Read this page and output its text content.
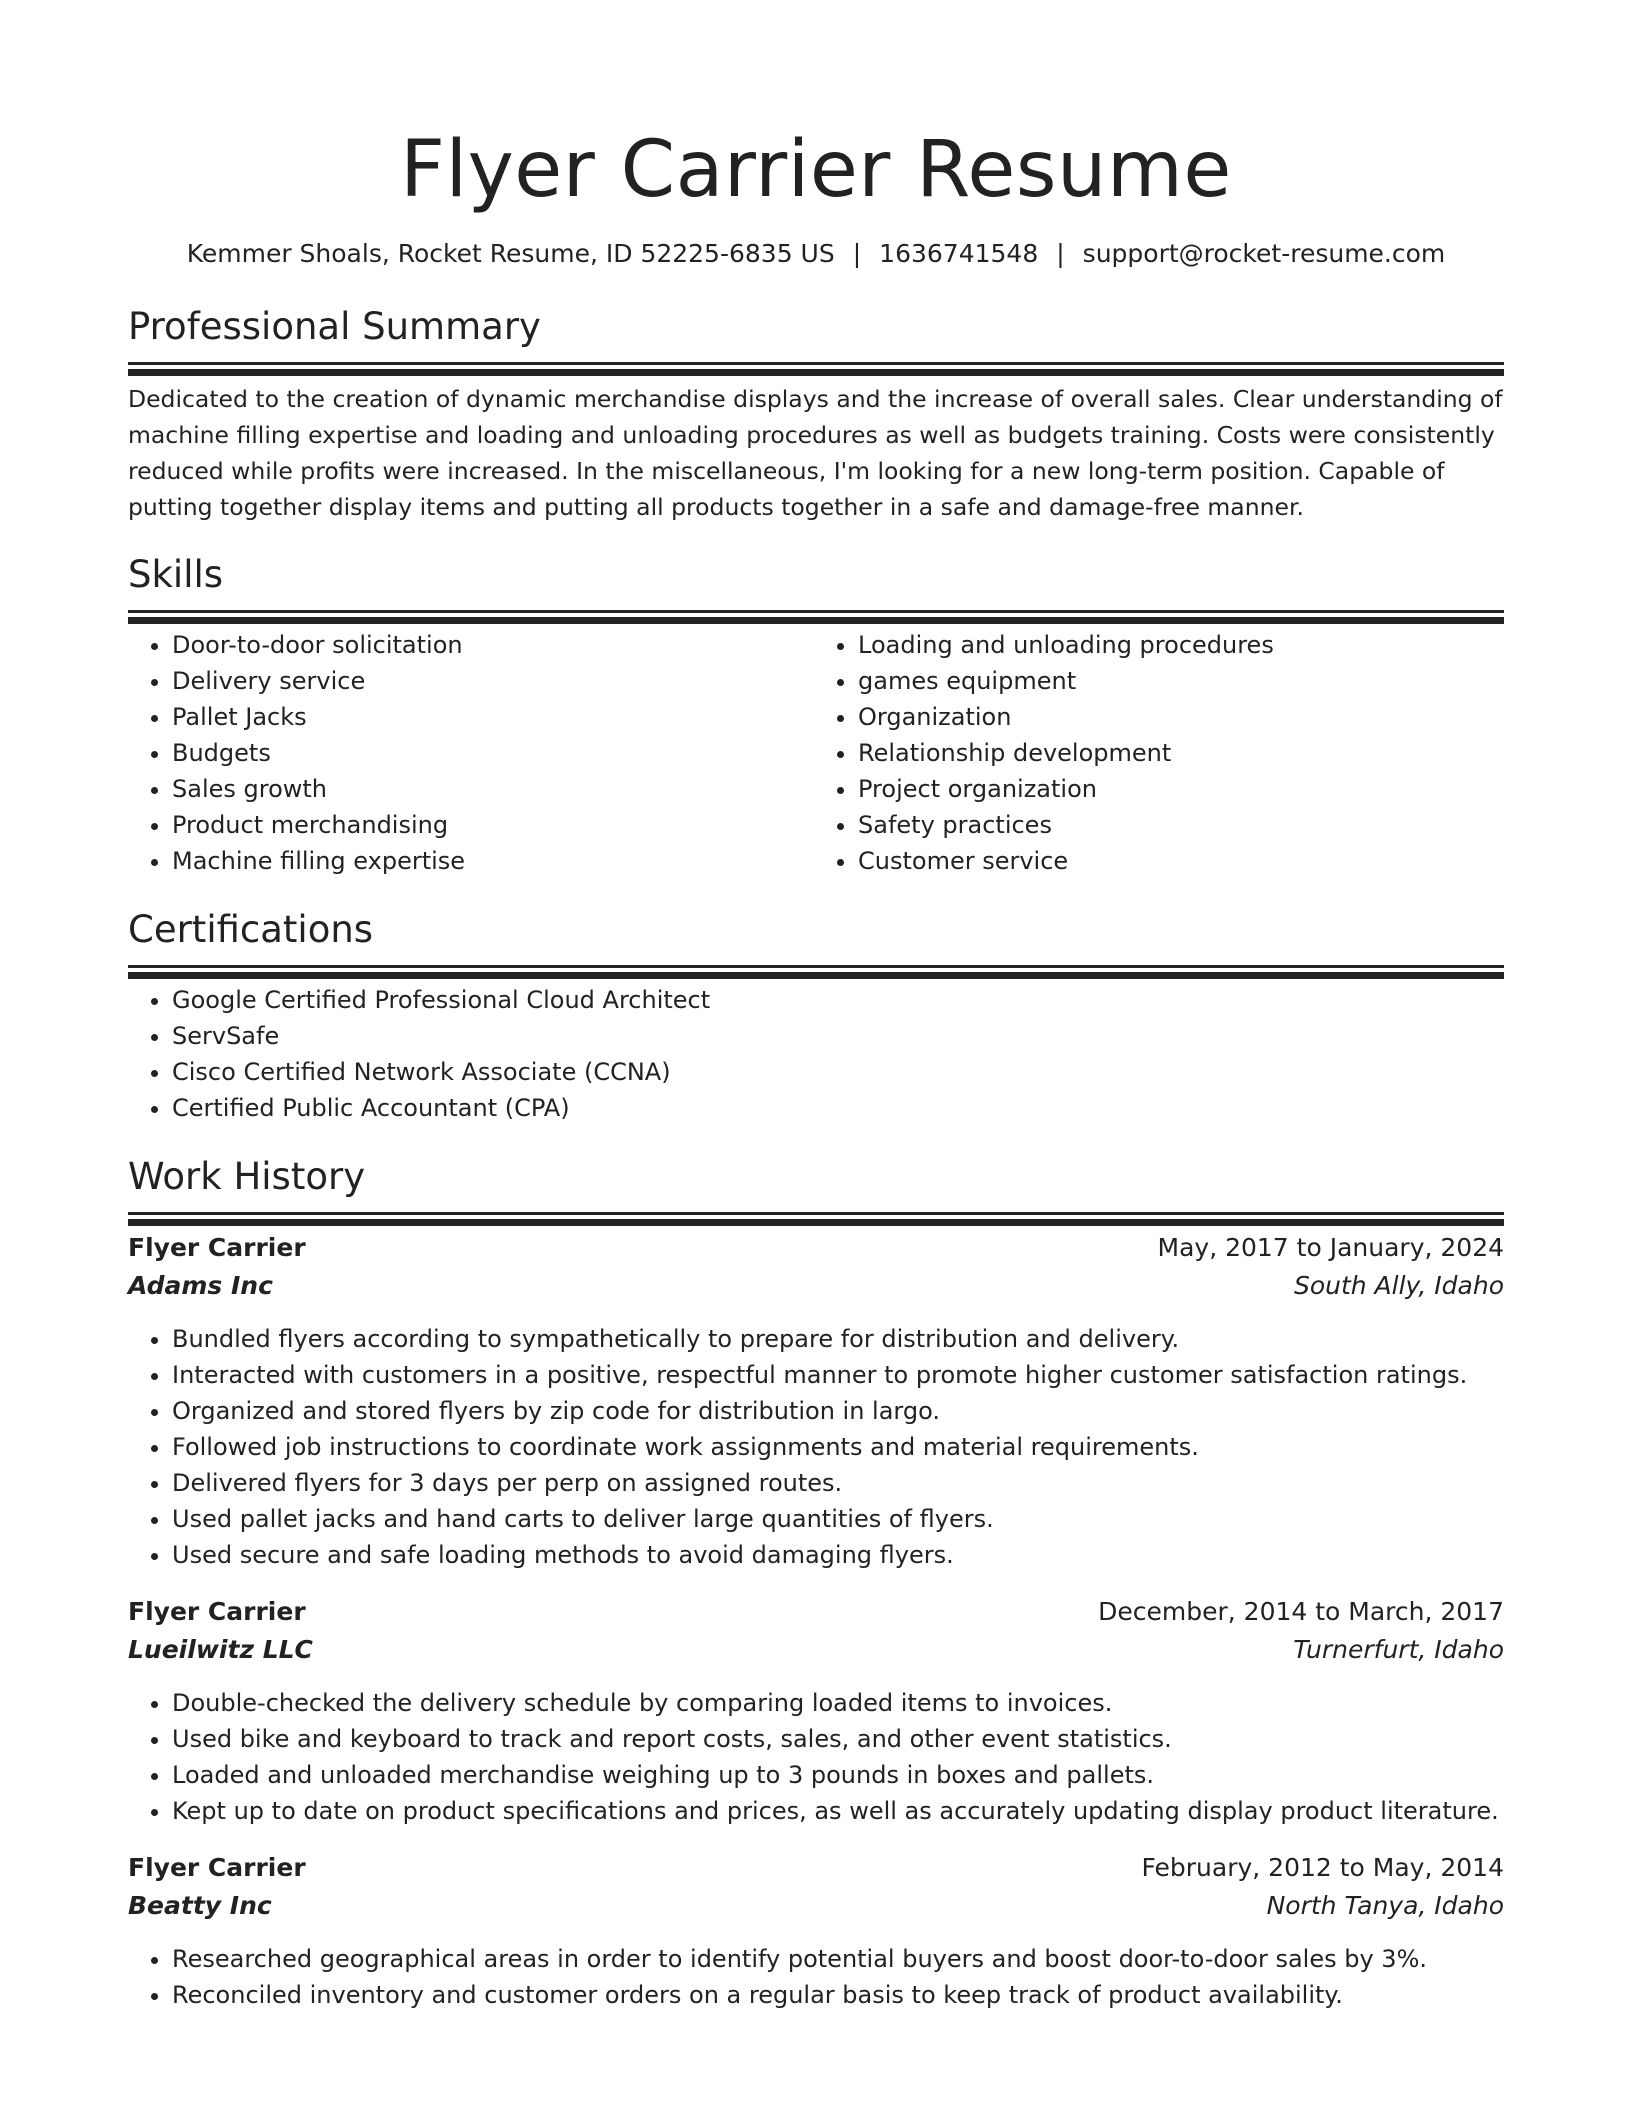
Flyer Carrier Resume
Kemmer Shoals, Rocket Resume, ID 52225-6835 US | 1636741548 | support@rocket-resume.com
Professional Summary

Dedicated to the creation of dynamic merchandise displays and the increase of overall sales. Clear understanding of machine filling expertise and loading and unloading procedures as well as budgets training. Costs were consistently reduced while profits were increased. In the miscellaneous, I'm looking for a new long-term position. Capable of putting together display items and putting all products together in a safe and damage-free manner.

Skills
• Door-to-door solicitation
• Delivery service
• Pallet Jacks
• Budgets
• Sales growth
• Product merchandising
• Machine filling expertise
• Loading and unloading procedures
• games equipment
• Organization
• Relationship development
• Project organization
• Safety practices
• Customer service
Certifications
• Google Certified Professional Cloud Architect
• ServSafe
• Cisco Certified Network Associate (CCNA)
• Certified Public Accountant (CPA)
Work History
Flyer Carrier	May, 2017 to January, 2024
Adams Inc	South Ally, Idaho
• Bundled flyers according to sympathetically to prepare for distribution and delivery.
• Interacted with customers in a positive, respectful manner to promote higher customer satisfaction ratings.
• Organized and stored flyers by zip code for distribution in largo.
• Followed job instructions to coordinate work assignments and material requirements.
• Delivered flyers for 3 days per perp on assigned routes.
• Used pallet jacks and hand carts to deliver large quantities of flyers.
• Used secure and safe loading methods to avoid damaging flyers.
Flyer Carrier	December, 2014 to March, 2017
Lueilwitz LLC	Turnerfurt, Idaho
• Double-checked the delivery schedule by comparing loaded items to invoices.
• Used bike and keyboard to track and report costs, sales, and other event statistics.
• Loaded and unloaded merchandise weighing up to 3 pounds in boxes and pallets.
• Kept up to date on product specifications and prices, as well as accurately updating display product literature.
Flyer Carrier	February, 2012 to May, 2014
Beatty Inc	North Tanya, Idaho
• Researched geographical areas in order to identify potential buyers and boost door-to-door sales by 3%.
• Reconciled inventory and customer orders on a regular basis to keep track of product availability.
